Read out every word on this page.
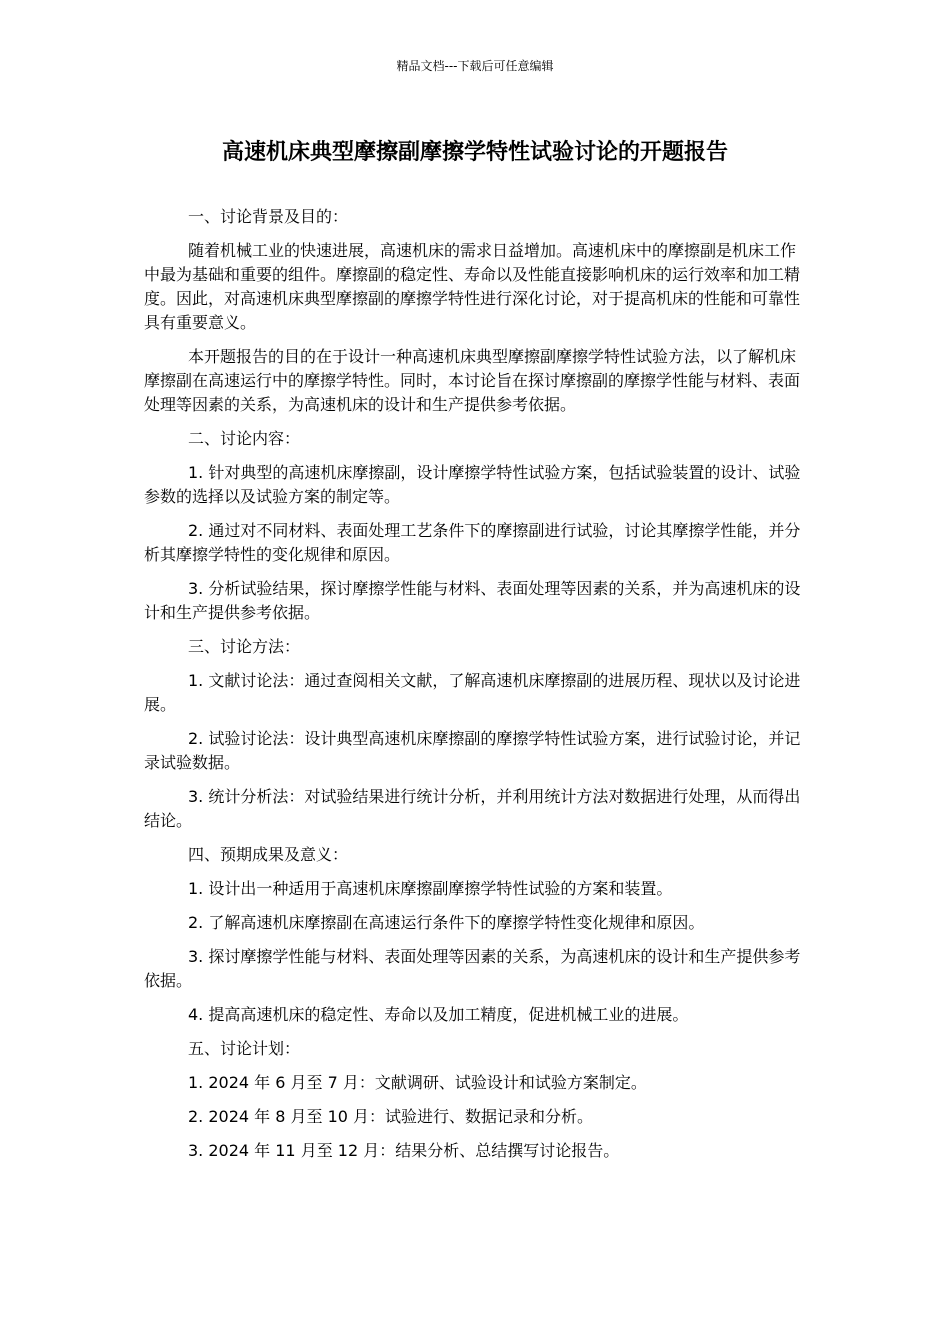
精品文档---下载后可任意编辑
高速机床典型摩擦副摩擦学特性试验讨论的开题报告

一、讨论背景及目的：

随着机械工业的快速进展，高速机床的需求日益增加。高速机床中的摩擦副是机床工作中最为基础和重要的组件。摩擦副的稳定性、寿命以及性能直接影响机床的运行效率和加工精度。因此，对高速机床典型摩擦副的摩擦学特性进行深化讨论，对于提高机床的性能和可靠性具有重要意义。

本开题报告的目的在于设计一种高速机床典型摩擦副摩擦学特性试验方法，以了解机床摩擦副在高速运行中的摩擦学特性。同时，本讨论旨在探讨摩擦副的摩擦学性能与材料、表面处理等因素的关系，为高速机床的设计和生产提供参考依据。

二、讨论内容：

1. 针对典型的高速机床摩擦副，设计摩擦学特性试验方案，包括试验装置的设计、试验参数的选择以及试验方案的制定等。

2. 通过对不同材料、表面处理工艺条件下的摩擦副进行试验，讨论其摩擦学性能，并分析其摩擦学特性的变化规律和原因。

3. 分析试验结果，探讨摩擦学性能与材料、表面处理等因素的关系，并为高速机床的设计和生产提供参考依据。

三、讨论方法：

1. 文献讨论法：通过查阅相关文献，了解高速机床摩擦副的进展历程、现状以及讨论进展。

2. 试验讨论法：设计典型高速机床摩擦副的摩擦学特性试验方案，进行试验讨论，并记录试验数据。

3. 统计分析法：对试验结果进行统计分析，并利用统计方法对数据进行处理，从而得出结论。

四、预期成果及意义：

1. 设计出一种适用于高速机床摩擦副摩擦学特性试验的方案和装置。

2. 了解高速机床摩擦副在高速运行条件下的摩擦学特性变化规律和原因。

3. 探讨摩擦学性能与材料、表面处理等因素的关系，为高速机床的设计和生产提供参考依据。

4. 提高高速机床的稳定性、寿命以及加工精度，促进机械工业的进展。

五、讨论计划：

1. 2024 年 6 月至 7 月：文献调研、试验设计和试验方案制定。

2. 2024 年 8 月至 10 月：试验进行、数据记录和分析。

3. 2024 年 11 月至 12 月：结果分析、总结撰写讨论报告。
